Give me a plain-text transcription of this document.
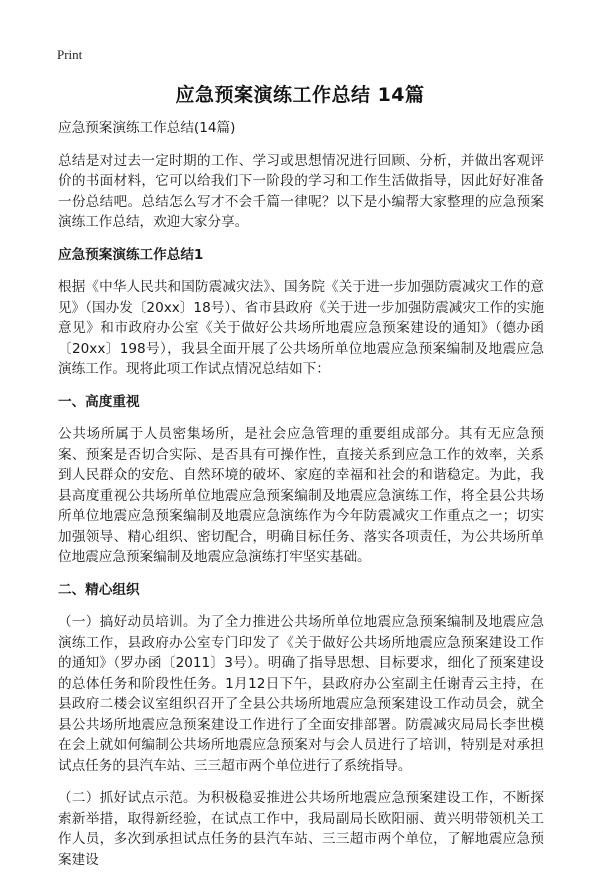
Print
应急预案演练工作总结 14篇

应急预案演练工作总结(14篇)

总结是对过去一定时期的工作、学习或思想情况进行回顾、分析，并做出客观评价的书面材料，它可以给我们下一阶段的学习和工作生活做指导，因此好好准备一份总结吧。总结怎么写才不会千篇一律呢？以下是小编帮大家整理的应急预案演练工作总结，欢迎大家分享。

应急预案演练工作总结1

根据《中华人民共和国防震减灾法》、国务院《关于进一步加强防震减灾工作的意见》（国办发〔20xx〕18号）、省市县政府《关于进一步加强防震减灾工作的实施意见》和市政府办公室《关于做好公共场所地震应急预案建设的通知》（德办函〔20xx〕198号），我县全面开展了公共场所单位地震应急预案编制及地震应急演练工作。现将此项工作试点情况总结如下：

一、高度重视

公共场所属于人员密集场所，是社会应急管理的重要组成部分。其有无应急预案、预案是否切合实际、是否具有可操作性，直接关系到应急工作的效率，关系到人民群众的安危、自然环境的破坏、家庭的幸福和社会的和谐稳定。为此，我县高度重视公共场所单位地震应急预案编制及地震应急演练工作，将全县公共场所单位地震应急预案编制及地震应急演练作为今年防震减灾工作重点之一；切实加强领导、精心组织、密切配合，明确目标任务、落实各项责任，为公共场所单位地震应急预案编制及地震应急演练打牢坚实基础。

二、精心组织

（一）搞好动员培训。为了全力推进公共场所单位地震应急预案编制及地震应急演练工作，县政府办公室专门印发了《关于做好公共场所地震应急预案建设工作的通知》（罗办函〔2011〕3号）。明确了指导思想、目标要求，细化了预案建设的总体任务和阶段性任务。1月12日下午，县政府办公室副主任谢青云主持，在县政府二楼会议室组织召开了全县公共场所地震应急预案建设工作动员会，就全县公共场所地震应急预案建设工作进行了全面安排部署。防震减灾局局长李世模在会上就如何编制公共场所地震应急预案对与会人员进行了培训，特别是对承担试点任务的县汽车站、三三超市两个单位进行了系统指导。

（二）抓好试点示范。为积极稳妥推进公共场所地震应急预案建设工作，不断探索新举措，取得新经验，在试点工作中，我局副局长欧阳丽、黄兴明带领机关工作人员，多次到承担试点任务的县汽车站、三三超市两个单位，了解地震应急预案建设
